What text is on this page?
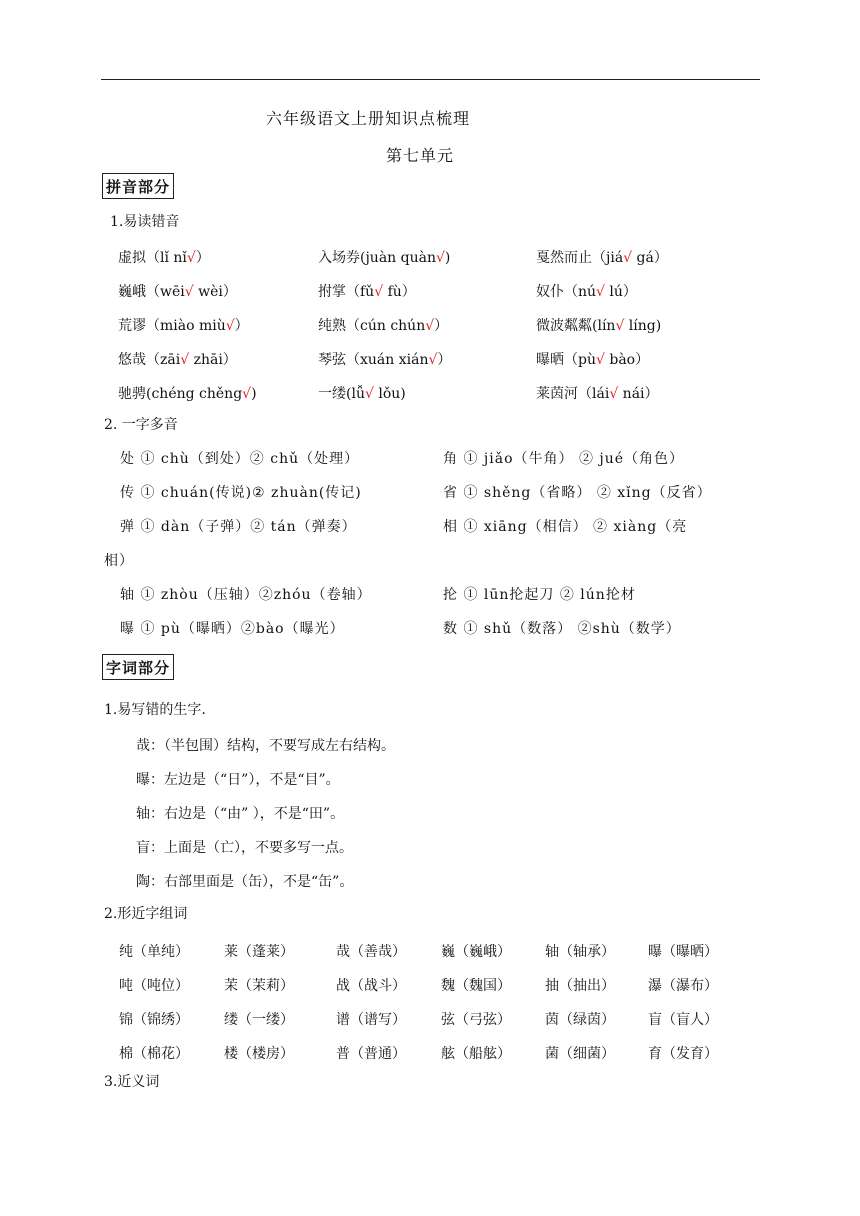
六年级语文上册知识点梳理
第七单元
拼音部分
1.易读错音
虚拟（lǐ nǐ√）	入场券(juàn quàn√)	戛然而止（jiá√ gá）
巍峨（wēi√ wèi）	拊掌（fǔ√ fù）	奴仆（nú√ lú）
荒谬（miào miù√）	纯熟（cún chún√）	微波粼粼(lín√ líng)
悠哉（zāi√ zhāi）	琴弦（xuán xián√）	曝晒（pù√ bào）
驰骋(chéng chěng√)	一缕(lǚ√ lǒu)	莱茵河（lái√ nái）
2. 一字多音
处 ① chù（到处）② chǔ（处理）	角 ① jiǎo（牛角） ② jué（角色）
传 ① chuán(传说)② zhuàn(传记)	省 ① shěng（省略） ② xǐng（反省）
弹 ① dàn（子弹）② tán（弹奏）	相 ① xiāng（相信） ② xiàng（亮
相）
轴 ① zhòu（压轴）②zhóu（卷轴）	抡 ① lūn抡起刀 ② lún抡材
曝 ① pù（曝晒）②bào（曝光）	数 ① shǔ（数落） ②shù（数学）
字词部分
1.易写错的生字.
哉：（半包围）结构，不要写成左右结构。
曝：左边是（“日”），不是“目”。
轴：右边是（“由” ），不是“田”。
盲：上面是（亡），不要多写一点。
陶：右部里面是（缶），不是“缶”。
2.形近字组词
纯（单纯）	莱（蓬莱）	哉（善哉）	巍（巍峨） 轴（轴承） 曝（曝晒）
吨（吨位）	茉（茉莉）	战（战斗）	魏（魏国） 抽（抽出） 瀑（瀑布）
锦（锦绣）	缕（一缕）	谱（谱写）	弦（弓弦） 茵（绿茵） 盲（盲人）
棉（棉花）	楼（楼房）	普（普通）	舷（船舷） 菌（细菌） 育（发育）
3.近义词
